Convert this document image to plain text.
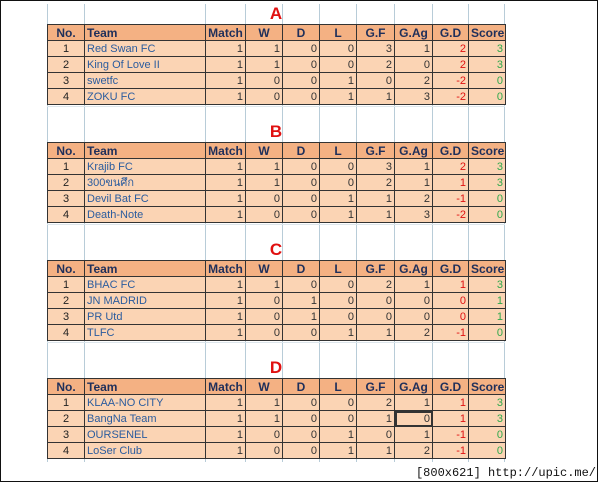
A
No.	Team	Match	W	D	L	G.F	G.Ag	G.D	Score
1	Red Swan FC	1	1	0	0	3	1	2	3
2	King Of Love II	1	1	0	0	2	0	2	3
3	swetfc	1	0	0	1	0	2	-2	0
4	ZOKU FC	1	0	0	1	1	3	-2	0
B
No.	Team	Match	W	D	L	G.F	G.Ag	G.D	Score
1	Krajib FC	1	1	0	0	3	1	2	3
2	300ขนศึก	1	1	0	0	2	1	1	3
3	Devil Bat FC	1	0	0	1	1	2	-1	0
4	Death-Note	1	0	0	1	1	3	-2	0
C
No.	Team	Match	W	D	L	G.F	G.Ag	G.D	Score
1	BHAC FC	1	1	0	0	2	1	1	3
2	JN MADRID	1	0	1	0	0	0	0	1
3	PR Utd	1	0	1	0	0	0	0	1
4	TLFC	1	0	0	1	1	2	-1	0
D
No.	Team	Match	W	D	L	G.F	G.Ag	G.D	Score
1	KLAA-NO CITY	1	1	0	0	2	1	1	3
2	BangNa Team	1	1	0	0	1	0	1	3
3	OURSENEL	1	0	0	1	0	1	-1	0
4	LoSer Club	1	0	0	1	1	2	-1	0
[800x621] http://upic.me/
